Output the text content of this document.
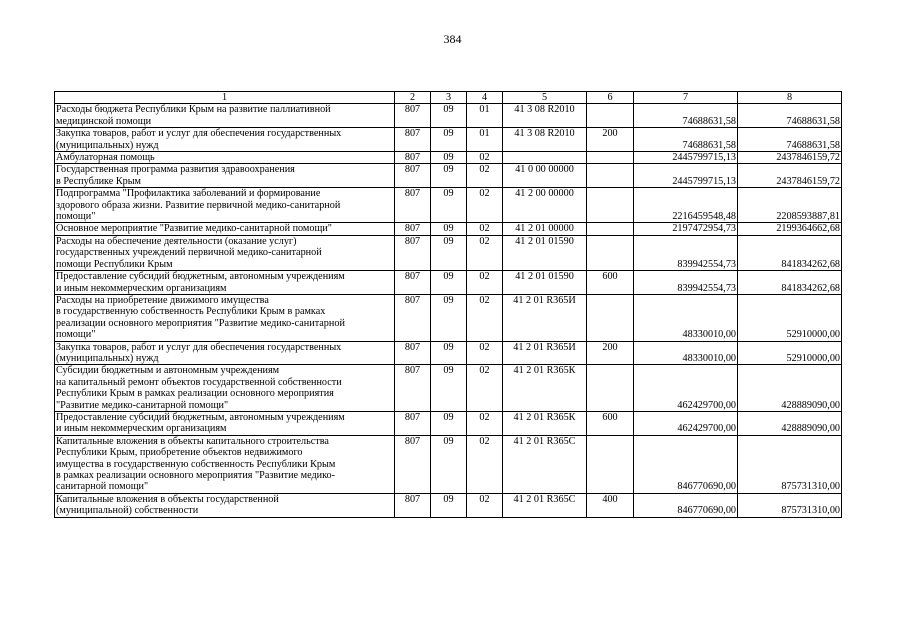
384
1	2	3	4	5	6	7	8
Расходы бюджета Республики Крым на развитие паллиативной
медицинской помощи	807	09	01	41 3 08 R2010		74688631,58	74688631,58
Закупка товаров, работ и услуг для обеспечения государственных
(муниципальных) нужд	807	09	01	41 3 08 R2010	200	74688631,58	74688631,58
Амбулаторная помощь	807	09	02			2445799715,13	2437846159,72
Государственная программа развития здравоохранения
в Республике Крым	807	09	02	41 0 00 00000		2445799715,13	2437846159,72
Подпрограмма "Профилактика заболеваний и формирование
здорового образа жизни. Развитие первичной медико-санитарной
помощи"	807	09	02	41 2 00 00000		2216459548,48	2208593887,81
Основное мероприятие "Развитие медико-санитарной помощи"	807	09	02	41 2 01 00000		2197472954,73	2199364662,68
Расходы на обеспечение деятельности (оказание услуг)
государственных учреждений первичной медико-санитарной
помощи Республики Крым	807	09	02	41 2 01 01590		839942554,73	841834262,68
Предоставление субсидий бюджетным, автономным учреждениям
и иным некоммерческим организациям	807	09	02	41 2 01 01590	600	839942554,73	841834262,68
Расходы на приобретение движимого имущества
в государственную собственность Республики Крым в рамках
реализации основного мероприятия "Развитие медико-санитарной
помощи"	807	09	02	41 2 01 R365И		48330010,00	52910000,00
Закупка товаров, работ и услуг для обеспечения государственных
(муниципальных) нужд	807	09	02	41 2 01 R365И	200	48330010,00	52910000,00
Субсидии бюджетным и автономным учреждениям
на капитальный ремонт объектов государственной собственности
Республики Крым в рамках реализации основного мероприятия
"Развитие медико-санитарной помощи"	807	09	02	41 2 01 R365К		462429700,00	428889090,00
Предоставление субсидий бюджетным, автономным учреждениям
и иным некоммерческим организациям	807	09	02	41 2 01 R365К	600	462429700,00	428889090,00
Капитальные вложения в объекты капитального строительства
Республики Крым, приобретение объектов недвижимого
имущества в государственную собственность Республики Крым
в рамках реализации основного мероприятия "Развитие медико-
санитарной помощи"	807	09	02	41 2 01 R365С		846770690,00	875731310,00
Капитальные вложения в объекты государственной
(муниципальной) собственности	807	09	02	41 2 01 R365С	400	846770690,00	875731310,00
